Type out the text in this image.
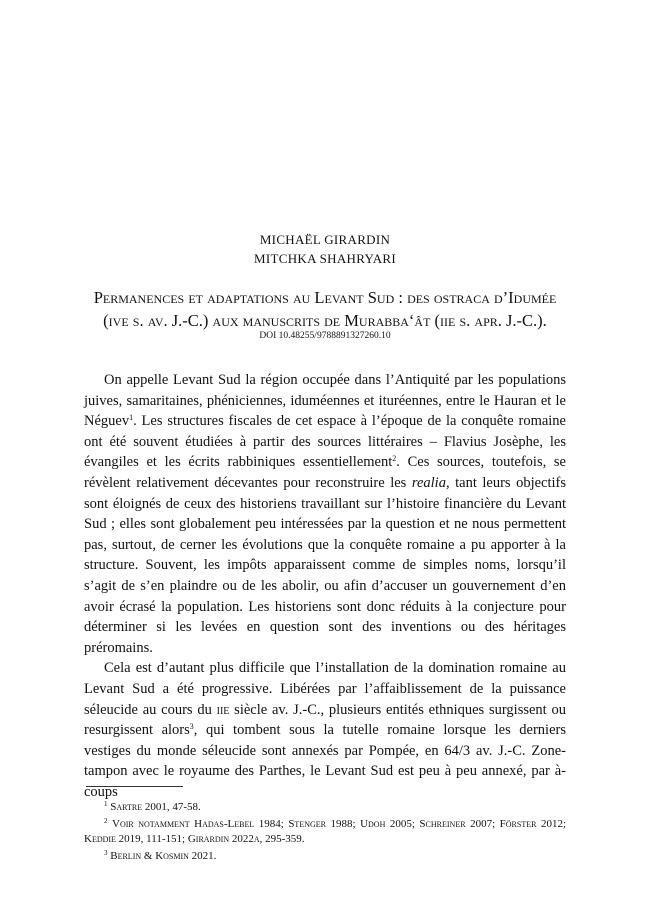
MICHAËL GIRARDIN
MITCHKA SHAHRYARI
Permanences et adaptations au Levant Sud : des ostraca d’Idumée
(ive s. av. J.-C.) aux manuscrits de Murabba‘ât (iie s. apr. J.-C.).
DOI 10.48255/9788891327260.10

On appelle Levant Sud la région occupée dans l’Antiquité par les populations juives, samaritaines, phéniciennes, iduméennes et ituréennes, entre le Hauran et le Néguev$^1$. Les structures fiscales de cet espace à l’époque de la conquête romaine ont été souvent étudiées à partir des sources littéraires – Flavius Josèphe, les évangiles et les écrits rabbiniques essentiellement$^2$. Ces sources, toutefois, se révèlent relativement décevantes pour reconstruire les realia, tant leurs objectifs sont éloignés de ceux des historiens travaillant sur l’histoire financière du Levant Sud ; elles sont globalement peu intéressées par la question et ne nous permettent pas, surtout, de cerner les évolutions que la conquête romaine a pu apporter à la structure. Souvent, les impôts apparaissent comme de simples noms, lorsqu’il s’agit de s’en plaindre ou de les abolir, ou afin d’accuser un gouvernement d’en avoir écrasé la population. Les historiens sont donc réduits à la conjecture pour déterminer si les levées en question sont des inventions ou des héritages préromains.

Cela est d’autant plus difficile que l’installation de la domination romaine au Levant Sud a été progressive. Libérées par l’affaiblissement de la puissance séleucide au cours du iie siècle av. J.-C., plusieurs entités ethniques surgissent ou resurgissent alors$^3$, qui tombent sous la tutelle romaine lorsque les derniers vestiges du monde séleucide sont annexés par Pompée, en 64/3 av. J.-C. Zone-tampon avec le royaume des Parthes, le Levant Sud est peu à peu annexé, par à-coups

$^1$ Sartre 2001, 47-58.

$^2$ Voir notamment Hadas-Lebel 1984; Stenger 1988; Udoh 2005; Schreiner 2007; Förster 2012; Keddie 2019, 111-151; Girardin 2022a, 295-359.

$^3$ Berlin & Kosmin 2021.
